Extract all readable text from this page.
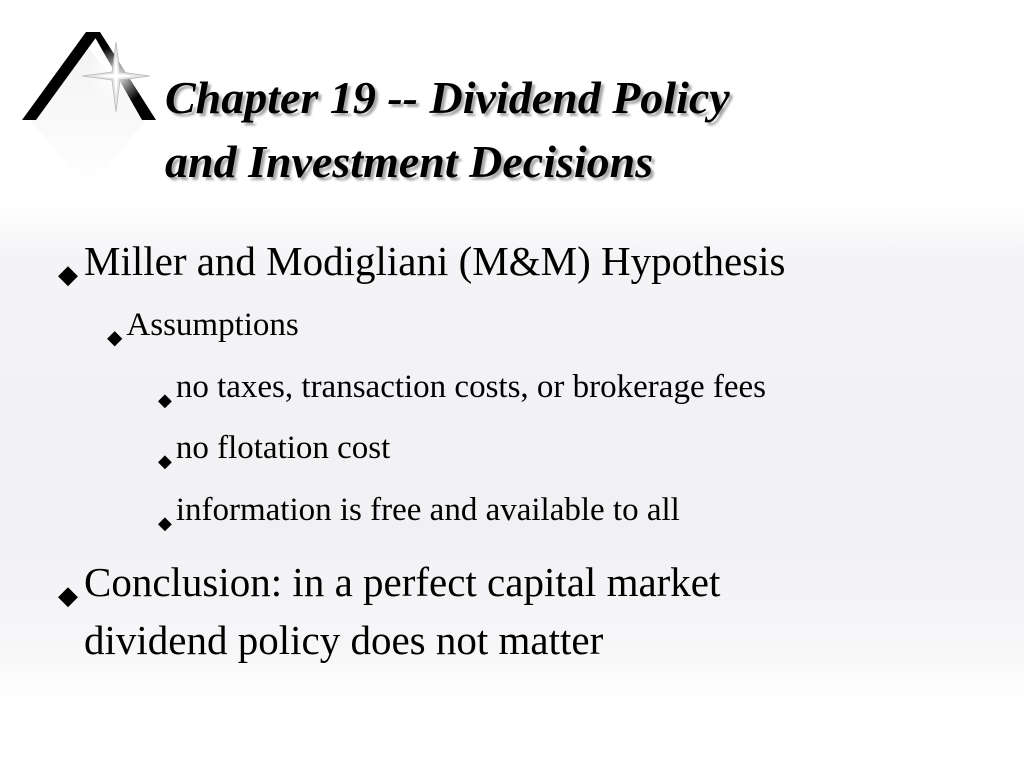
Chapter 19 -- Dividend Policy
and Investment Decisions
◆ Miller and Modigliani (M&M) Hypothesis
◆ Assumptions
◆ no taxes, transaction costs, or brokerage fees
◆ no flotation cost
◆ information is free and available to all
◆ Conclusion: in a perfect capital market
dividend policy does not matter
